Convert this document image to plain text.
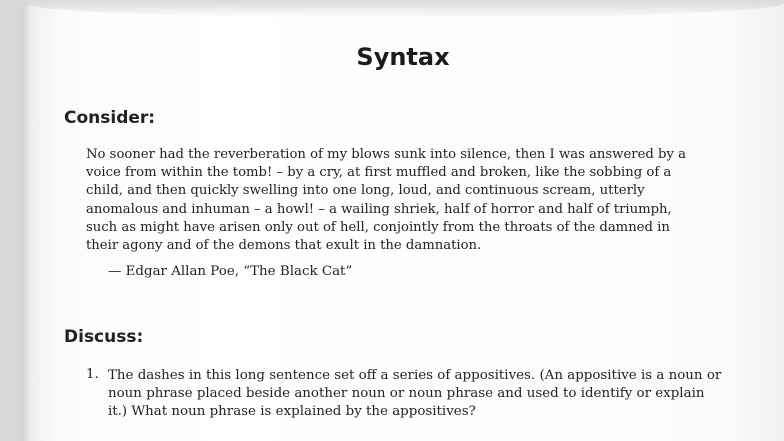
Syntax
Consider:

No sooner had the reverberation of my blows sunk into silence, then I was answered by a
voice from within the tomb! – by a cry, at first muffled and broken, like the sobbing of a
child, and then quickly swelling into one long, loud, and continuous scream, utterly
anomalous and inhuman – a howl! – a wailing shriek, half of horror and half of triumph,
such as might have arisen only out of hell, conjointly from the throats of the damned in
their agony and of the demons that exult in the damnation.

— Edgar Allan Poe, “The Black Cat”

Discuss:
1. The dashes in this long sentence set off a series of appositives. (An appositive is a noun or
noun phrase placed beside another noun or noun phrase and used to identify or explain
it.) What noun phrase is explained by the appositives?
